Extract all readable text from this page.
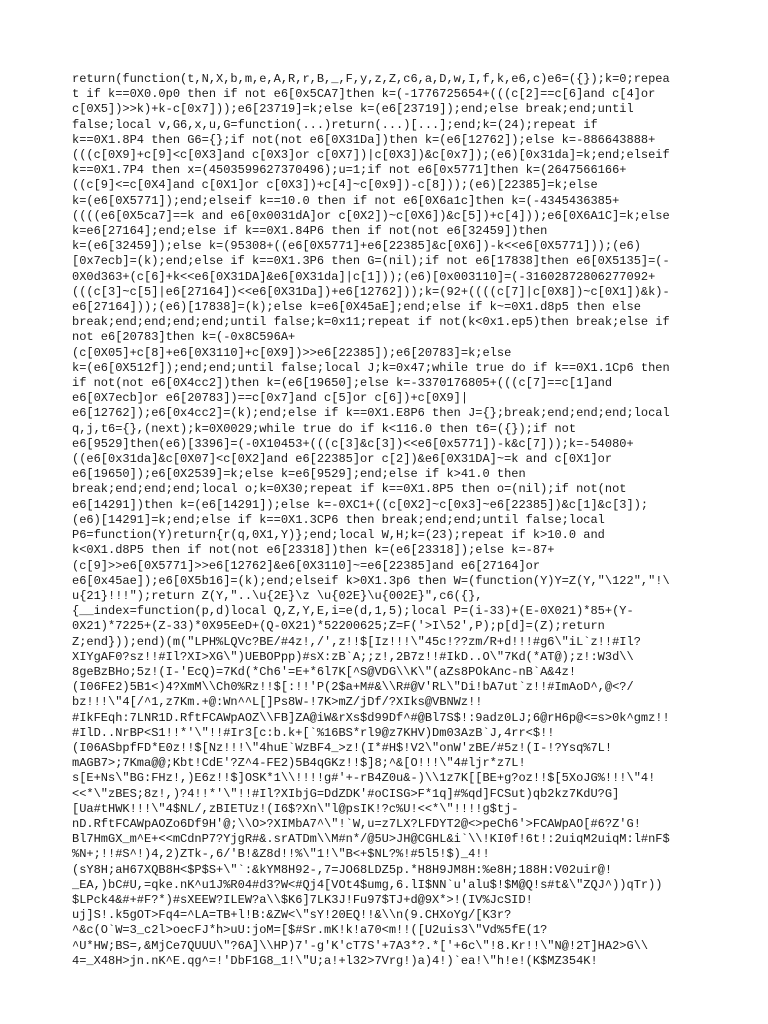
return(function(t,N,X,b,m,e,A,R,r,B,_,F,y,z,Z,c6,a,D,w,I,f,k,e6,c)e6=({});k=0;repea
t if k==0X0.0p0 then if not e6[0x5CA7]then k=(-1776725654+(((c[2]==c[6]and c[4]or
c[0X5])>>k)+k-c[0x7]));e6[23719]=k;else k=(e6[23719]);end;else break;end;until
false;local v,G6,x,u,G=function(...)return(...)[...];end;k=(24);repeat if
k==0X1.8P4 then G6={};if not(not e6[0X31Da])then k=(e6[12762]);else k=-886643888+
(((c[0X9]+c[9]<c[0X3]and c[0X3]or c[0X7])|c[0X3])&c[0x7]);(e6)[0x31da]=k;end;elseif
k==0X1.7P4 then x=(4503599627370496);u=1;if not e6[0x5771]then k=(2647566166+
((c[9]<=c[0X4]and c[0X1]or c[0X3])+c[4]~c[0x9])-c[8]));(e6)[22385]=k;else
k=(e6[0X5771]);end;elseif k==10.0 then if not e6[0X6a1c]then k=(-4345436385+
((((e6[0X5ca7]==k and e6[0x0031dA]or c[0X2])~c[0X6])&c[5])+c[4]));e6[0X6A1C]=k;else
k=e6[27164];end;else if k==0X1.84P6 then if not(not e6[32459])then
k=(e6[32459]);else k=(95308+((e6[0X5771]+e6[22385]&c[0X6])-k<<e6[0X5771]));(e6)
[0x7ecb]=(k);end;else if k==0X1.3P6 then G=(nil);if not e6[17838]then e6[0X5135]=(-
0X0d363+(c[6]+k<<e6[0X31DA]&e6[0X31da]|c[1]));(e6)[0x003110]=(-31602872806277092+
(((c[3]~c[5]|e6[27164])<<e6[0X31Da])+e6[12762]));k=(92+((((c[7]|c[0X8])~c[0X1])&k)-
e6[27164]));(e6)[17838]=(k);else k=e6[0X45aE];end;else if k~=0X1.d8p5 then else
break;end;end;end;end;until false;k=0x11;repeat if not(k<0x1.ep5)then break;else if
not e6[20783]then k=(-0x8C596A+
(c[0X05]+c[8]+e6[0X3110]+c[0X9])>>e6[22385]);e6[20783]=k;else
k=(e6[0X512f]);end;end;until false;local J;k=0x47;while true do if k==0X1.1Cp6 then
if not(not e6[0X4cc2])then k=(e6[19650];else k=-3370176805+(((c[7]==c[1]and
e6[0X7ecb]or e6[20783])==c[0x7]and c[5]or c[6])+c[0X9]|
e6[12762]);e6[0x4cc2]=(k);end;else if k==0X1.E8P6 then J={};break;end;end;end;local
q,j,t6={},(next);k=0X0029;while true do if k<116.0 then t6=({});if not
e6[9529]then(e6)[3396]=(-0X10453+(((c[3]&c[3])<<e6[0x5771])-k&c[7]));k=-54080+
((e6[0x31da]&c[0X07]<c[0X2]and e6[22385]or c[2])&e6[0X31DA]~=k and c[0X1]or
e6[19650]);e6[0X2539]=k;else k=e6[9529];end;else if k>41.0 then
break;end;end;end;local o;k=0X30;repeat if k==0X1.8P5 then o=(nil);if not(not
e6[14291])then k=(e6[14291]);else k=-0XC1+((c[0X2]~c[0x3]~e6[22385])&c[1]&c[3]);
(e6)[14291]=k;end;else if k==0X1.3CP6 then break;end;end;until false;local
P6=function(Y)return{r(q,0X1,Y)};end;local W,H;k=(23);repeat if k>10.0 and
k<0X1.d8P5 then if not(not e6[23318])then k=(e6[23318]);else k=-87+
(c[9]>>e6[0X5771]>>e6[12762]&e6[0X3110]~=e6[22385]and e6[27164]or
e6[0x45ae]);e6[0X5b16]=(k);end;elseif k>0X1.3p6 then W=(function(Y)Y=Z(Y,"\122","!\
u{21}!!!");return Z(Y,"..\u{2E}\z \u{02E}\u{002E}",c6({},
{__index=function(p,d)local Q,Z,Y,E,i=e(d,1,5);local P=(i-33)+(E-0X021)*85+(Y-
0X21)*7225+(Z-33)*0X95EeD+(Q-0X21)*52200625;Z=F('>I\52',P);p[d]=(Z);return
Z;end}));end)(m("LPH%LQVc?BE/#4z!,/',z!!$[Iz!!!\"45c!??zm/R+d!!!#g6\"iL`z!!#Il?
XIYgAF0?sz!!#Il?XI>XG\")UEBOPpp)#sX:zB`A;;z!,2B7z!!#IkD..O\"7Kd(*AT@);z!:W3d\\
8geBzBHo;5z!(I-'EcQ)=7Kd(*Ch6'=E+*6l7K[^S@VDG\\K\"(aZs8POkAnc-nB`A&4z!
(I06FE2)5B1<)4?XmM\\Ch0%Rz!!$[:!!'P(2$a+M#&\\R#@V'RL\"Di!bA7ut`z!!#ImAoD^,@<?/
bz!!!\"4[/^1,z7Km.+@:Wn^^L[]Ps8W-!7K>mZ/jDf/?XIks@VBNWz!!
#IkFEqh:7LNR1D.RftFCAWpAOZ\\FB]ZA@iW&rXs$d99Df^#@Bl7S$!:9adz0LJ;6@rH6p@<=s>0k^gmz!!
#IlD..NrBP<S1!!*'\"!!#Ir3[c:b.k+[`%16BS*rl9@z7KHV)Dm03AzB`J,4rr<$!!
(I06ASbpfFD*E0z!!$[Nz!!!\"4huE`WzBF4_>z!(I*#H$!V2\"onW'zBE/#5z!(I-!?Ysq%7L!
mAGB7>;7Kma@@;Kbt!CdE'?Z^4-FE2)5B4qGKz!!$]8;^&[O!!!\"4#ljr*z7L!
s[E+Ns\"BG:FHz!,)E6z!!$]OSK*1\\!!!!g#'+-rB4Z0u&-)\\1z7K[[BE+g?oz!!$[5XoJG%!!!\"4!
<<*\"zBES;8z!,)?4!!*'\"!!#Il?XIbjG=DdZDK'#oCISG>F*1q]#%qd]FCSut)qb2kz7KdU?G]
[Ua#tHWK!!!\"4$NL/,zBIETUz!(I6$?Xn\"l@psIK!?c%U!<<*\"!!!!g$tj-
nD.RftFCAWpAOZo6Df9H'@;\\O>?XIMbA7^\"!`W,u=z7LX?LFDYT2@<>peCh6'>FCAWpAO[#6?Z'G!
Bl7HmGX_m^E+<<mCdnP7?YjgR#&.srATDm\\M#n*/@5U>JH@CGHL&i`\\!KI0f!6t!:2uiqM2uiqM:l#nF$
%N+;!!#S^!)4,2)ZTk-,6/'B!&Z8d!!%\"1!\"B<+$NL?%!#5l5!$)_4!!
(sY8H;aH67XQB8H<$P$S+\"`:&kYM8H92-,7=JO68LDZ5p.*H8H9JM8H:%e8H;188H:V02uir@!
_EA,)bC#U,=qke.nK^u1J%R04#d3?W<#Qj4[VOt4$umg,6.lI$NN`u'alu$!$M@Q!s#t&\"ZQJ^))qTr))
$LPck4&#+#F?*)#sXEEW?ILEW?a\\$K6]7LK3J!Fu97$TJ+d@9X*>!(IV%JcSID!
uj]S!.k5gOT>Fq4=^LA=TB+l!B:&ZW<\"sY!20EQ!!&\\n(9.CHXoYg/[K3r?
^&c(O`W=3_c2l>oecFJ*h>uU:joM=[$#Sr.mK!k!a70<m!!([U2uis3\"Vd%5fE(1?
^U*HW;BS=,&MjCe7QUUU\"?6A]\\HP)7'-g'K'cT7S'+7A3*?.*['+6c\"!8.Kr!!\"N@!2T]HA2>G\\
4=_X48H>jn.nK^E.qg^=!'DbF1G8_1!\"U;a!+l32>7Vrg!)a)4!)`ea!\"h!e!(K$MZ354K!
